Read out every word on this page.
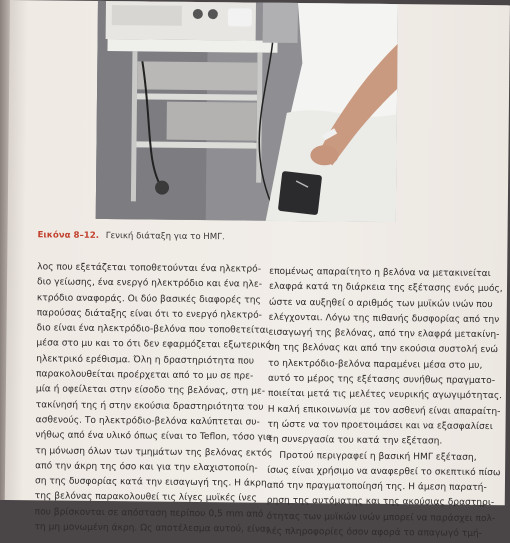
Εικόνα 8–12. Γενική διάταξη για το ΗΜΓ.
λος που εξετάζεται τοποθετούνται ένα ηλεκτρό-
διο γείωσης, ένα ενεργό ηλεκτρόδιο και ένα ηλε-
κτρόδιο αναφοράς. Οι δύο βασικές διαφορές της
παρούσας διάταξης είναι ότι το ενεργό ηλεκτρό-
διο είναι ένα ηλεκτρόδιο-βελόνα που τοποθετείται
μέσα στο μυ και το ότι δεν εφαρμόζεται εξωτερικό
ηλεκτρικό ερέθισμα. Όλη η δραστηριότητα που
παρακολουθείται προέρχεται από το μυ σε πρε-
μία ή οφείλεται στην είσοδο της βελόνας, στη με-
τακίνησή της ή στην εκούσια δραστηριότητα του
ασθενούς. Το ηλεκτρόδιο-βελόνα καλύπτεται συ-
νήθως από ένα υλικό όπως είναι το Teflon, τόσο για
τη μόνωση όλων των τμημάτων της βελόνας εκτός
από την άκρη της όσο και για την ελαχιστοποίη-
ση της δυσφορίας κατά την εισαγωγή της. Η άκρη
της βελόνας παρακολουθεί τις λίγες μυϊκές ίνες
που βρίσκονται σε απόσταση περίπου 0,5 mm από
τη μη μονωμένη άκρη. Ως αποτέλεσμα αυτού, είναι
επομένως απαραίτητο η βελόνα να μετακινείται
ελαφρά κατά τη διάρκεια της εξέτασης ενός μυός,
ώστε να αυξηθεί ο αριθμός των μυϊκών ινών που
ελέγχονται. Λόγω της πιθανής δυσφορίας από την
εισαγωγή της βελόνας, από την ελαφρά μετακίνη-
ση της βελόνας και από την εκούσια συστολή ενώ
το ηλεκτρόδιο-βελόνα παραμένει μέσα στο μυ,
αυτό το μέρος της εξέτασης συνήθως πραγματο-
ποιείται μετά τις μελέτες νευρικής αγωγιμότητας.
Η καλή επικοινωνία με τον ασθενή είναι απαραίτη-
τη ώστε να τον προετοιμάσει και να εξασφαλίσει
τη συνεργασία του κατά την εξέταση.
Προτού περιγραφεί η βασική ΗΜΓ εξέταση,
ίσως είναι χρήσιμο να αναφερθεί το σκεπτικό πίσω
από την πραγματοποίησή της. Η άμεση παρατή-
ρηση της αυτόματης και της ακούσιας δραστηρι-
ότητας των μυϊκών ινών μπορεί να παράσχει πολ-
λές πληροφορίες όσον αφορά το απαγωγό τμή-
